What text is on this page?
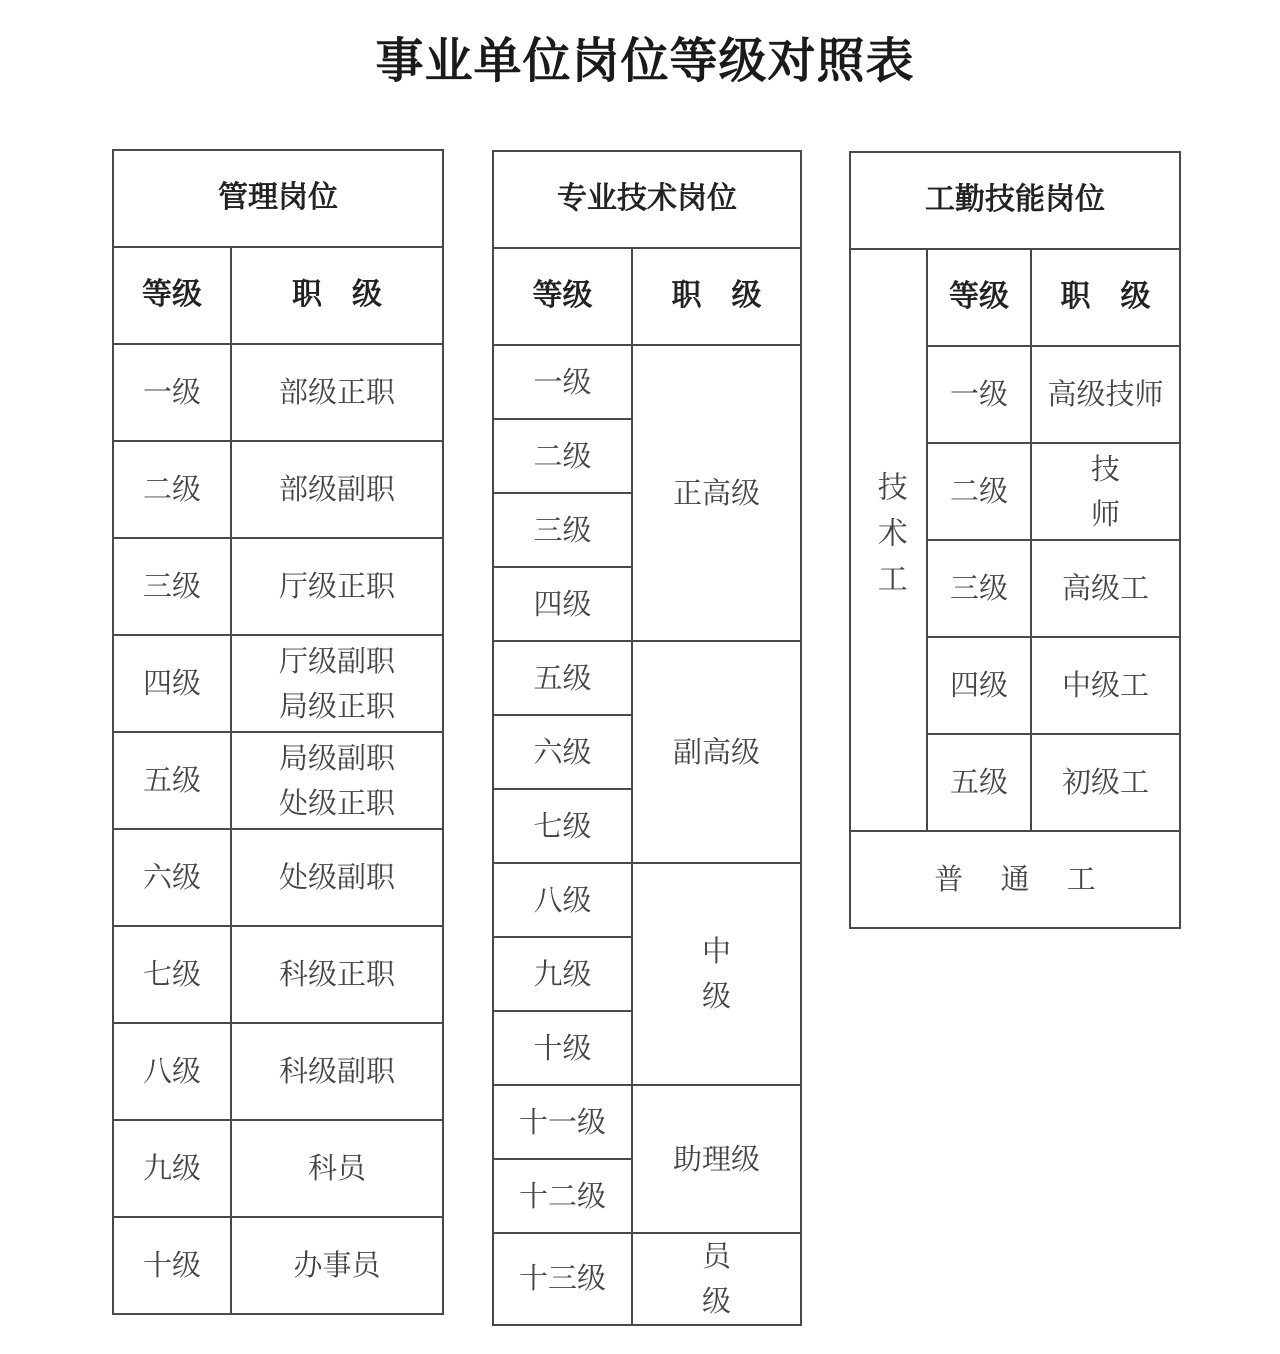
事业单位岗位等级对照表
管理岗位	
等级	职　级
一级	部级正职

二级	部级副职

三级	厅级正职

四级	厅级副职
局级正职

五级	局级副职
处级正职

六级	处级副职

七级	科级正职

八级	科级副职

九级	科员

十级	办事员
专业技术岗位	
等级	职　级
一级	正高级
二级	
三级	
四级	
五级	副高级
六级	
七级	
八级	中　级
九级	
十级	
十一级	助理级
十二级	
十三级	员　级
工勤技能岗位		
技术工	等级	职　级
	一级	高级技师
	二级	技　师
	三级	高级工
	四级	中级工
	五级	初级工
普 通 工		
